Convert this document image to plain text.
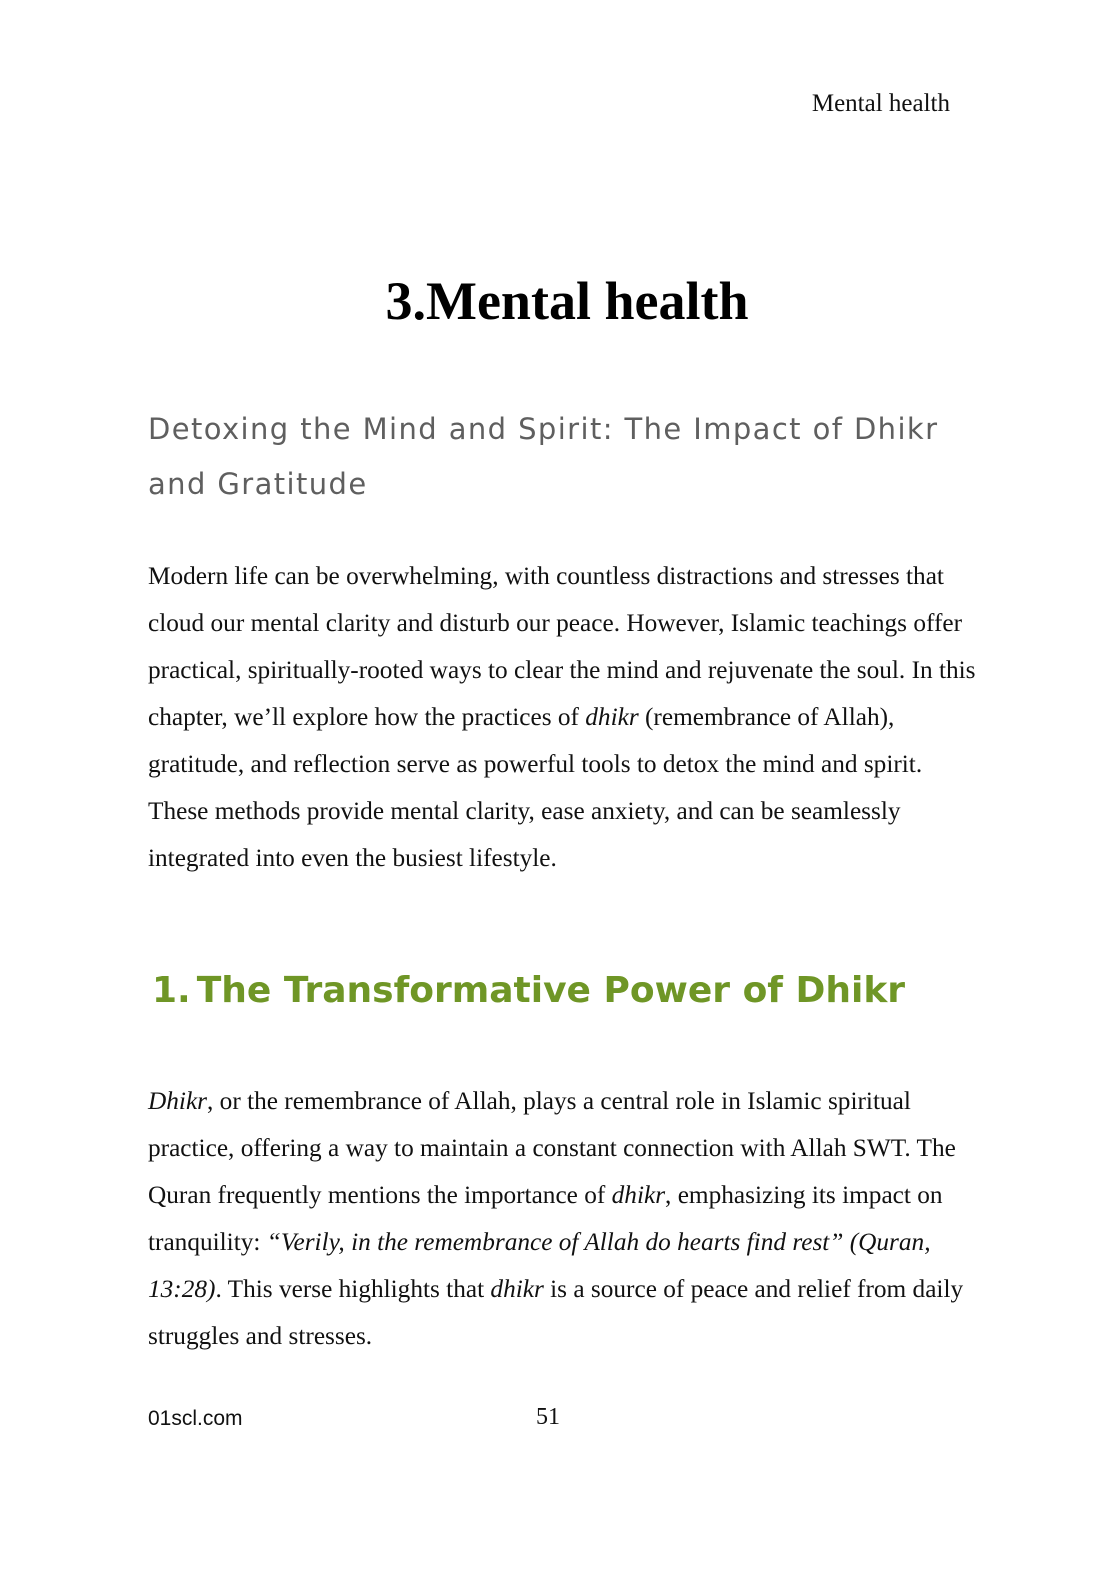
Mental health
3.Mental health
Detoxing the Mind and Spirit: The Impact of Dhikr and Gratitude

Modern life can be overwhelming, with countless distractions and stresses that cloud our mental clarity and disturb our peace. However, Islamic teachings offer practical, spiritually-rooted ways to clear the mind and rejuvenate the soul. In this chapter, we’ll explore how the practices of dhikr (remembrance of Allah), gratitude, and reflection serve as powerful tools to detox the mind and spirit. These methods provide mental clarity, ease anxiety, and can be seamlessly integrated into even the busiest lifestyle.

1. The Transformative Power of Dhikr

Dhikr, or the remembrance of Allah, plays a central role in Islamic spiritual practice, offering a way to maintain a constant connection with Allah SWT. The Quran frequently mentions the importance of dhikr, emphasizing its impact on tranquility: “Verily, in the remembrance of Allah do hearts find rest” (Quran, 13:28). This verse highlights that dhikr is a source of peace and relief from daily struggles and stresses.

01scl.com	51
